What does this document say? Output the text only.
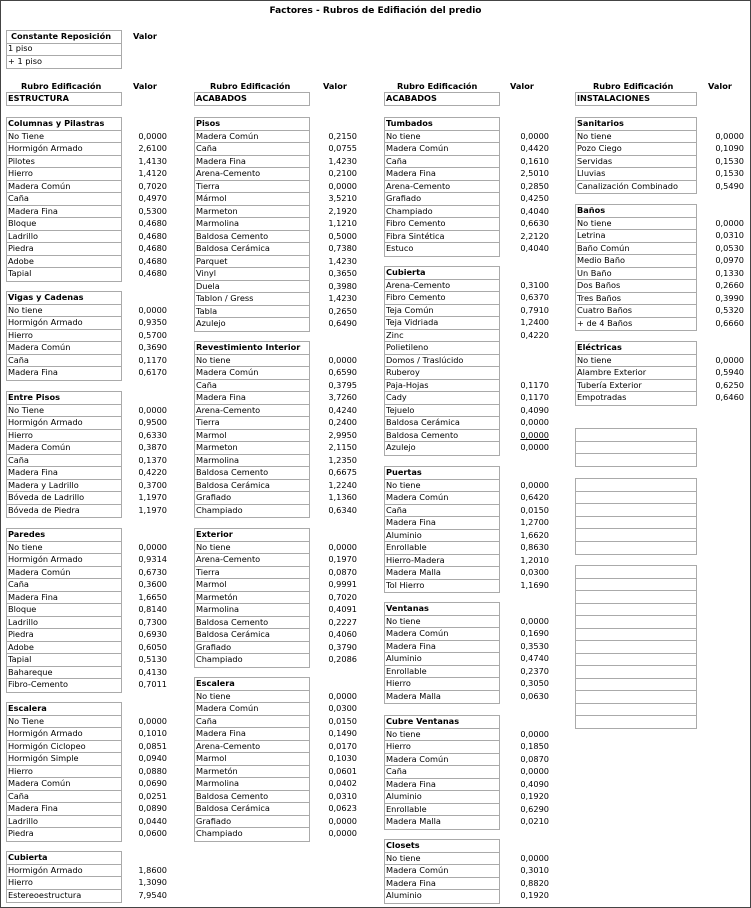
Factores - Rubros de Edifiación del predio
Constante Reposición	Valor
1 piso
+ 1 piso
Rubro Edificación	Valor	Rubro Edificación	Valor	Rubro Edificación	Valor	Rubro Edificación	Valor
ESTRUCTURA	ACABADOS	ACABADOS	INSTALACIONES
Columnas y Pilastras
No Tiene	0,0000
Hormigón Armado	2,6100
Pilotes	1,4130
Hierro	1,4120
Madera Común	0,7020
Caña	0,4970
Madera Fina	0,5300
Bloque	0,4680
Ladrillo	0,4680
Piedra	0,4680
Adobe	0,4680
Tapial	0,4680
Vigas y Cadenas
No tiene	0,0000
Hormigón Armado	0,9350
Hierro	0,5700
Madera Común	0,3690
Caña	0,1170
Madera Fina	0,6170
Entre Pisos
No Tiene	0,0000
Hormigón Armado	0,9500
Hierro	0,6330
Madera Común	0,3870
Caña	0,1370
Madera Fina	0,4220
Madera y Ladrillo	0,3700
Bóveda de Ladrillo	1,1970
Bóveda de Piedra	1,1970
Paredes
No tiene	0,0000
Hormigón Armado	0,9314
Madera Común	0,6730
Caña	0,3600
Madera Fina	1,6650
Bloque	0,8140
Ladrillo	0,7300
Piedra	0,6930
Adobe	0,6050
Tapial	0,5130
Bahareque	0,4130
Fibro-Cemento	0,7011
Escalera
No Tiene	0,0000
Hormigón Armado	0,1010
Hormigón Ciclopeo	0,0851
Hormigón Simple	0,0940
Hierro	0,0880
Madera Común	0,0690
Caña	0,0251
Madera Fina	0,0890
Ladrillo	0,0440
Piedra	0,0600
Cubierta
Hormigón Armado	1,8600
Hierro	1,3090
Estereoestructura	7,9540
Pisos
Madera Común	0,2150
Caña	0,0755
Madera Fina	1,4230
Arena-Cemento	0,2100
Tierra	0,0000
Mármol	3,5210
Marmeton	2,1920
Marmolina	1,1210
Baldosa Cemento	0,5000
Baldosa Cerámica	0,7380
Parquet	1,4230
Vinyl	0,3650
Duela	0,3980
Tablon / Gress	1,4230
Tabla	0,2650
Azulejo	0,6490
Revestimiento Interior
No tiene	0,0000
Madera Común	0,6590
Caña	0,3795
Madera Fina	3,7260
Arena-Cemento	0,4240
Tierra	0,2400
Marmol	2,9950
Marmeton	2,1150
Marmolina	1,2350
Baldosa Cemento	0,6675
Baldosa Cerámica	1,2240
Grafiado	1,1360
Champiado	0,6340
Exterior
No tiene	0,0000
Arena-Cemento	0,1970
Tierra	0,0870
Marmol	0,9991
Marmetón	0,7020
Marmolina	0,4091
Baldosa Cemento	0,2227
Baldosa Cerámica	0,4060
Grafiado	0,3790
Champiado	0,2086
Escalera
No tiene	0,0000
Madera Común	0,0300
Caña	0,0150
Madera Fina	0,1490
Arena-Cemento	0,0170
Marmol	0,1030
Marmetón	0,0601
Marmolina	0,0402
Baldosa Cemento	0,0310
Baldosa Cerámica	0,0623
Grafiado	0,0000
Champiado	0,0000
Tumbados
No tiene	0,0000
Madera Común	0,4420
Caña	0,1610
Madera Fina	2,5010
Arena-Cemento	0,2850
Grafiado	0,4250
Champiado	0,4040
Fibro Cemento	0,6630
Fibra Sintética	2,2120
Estuco	0,4040
Cubierta
Arena-Cemento	0,3100
Fibro Cemento	0,6370
Teja Común	0,7910
Teja Vidriada	1,2400
Zinc	0,4220
Polietileno
Domos / Traslúcido
Ruberoy
Paja-Hojas	0,1170
Cady	0,1170
Tejuelo	0,4090
Baldosa Cerámica	0,0000
Baldosa Cemento	0,0000
Azulejo	0,0000
Puertas
No tiene	0,0000
Madera Común	0,6420
Caña	0,0150
Madera Fina	1,2700
Aluminio	1,6620
Enrollable	0,8630
Hierro-Madera	1,2010
Madera Malla	0,0300
Tol Hierro	1,1690
Ventanas
No tiene	0,0000
Madera Común	0,1690
Madera Fina	0,3530
Aluminio	0,4740
Enrollable	0,2370
Hierro	0,3050
Madera Malla	0,0630
Cubre Ventanas
No tiene	0,0000
Hierro	0,1850
Madera Común	0,0870
Caña	0,0000
Madera Fina	0,4090
Aluminio	0,1920
Enrollable	0,6290
Madera Malla	0,0210
Closets
No tiene	0,0000
Madera Común	0,3010
Madera Fina	0,8820
Aluminio	0,1920
Sanitarios
No tiene	0,0000
Pozo Ciego	0,1090
Servidas	0,1530
Lluvias	0,1530
Canalización Combinado	0,5490
Baños
No tiene	0,0000
Letrina	0,0310
Baño Común	0,0530
Medio Baño	0,0970
Un Baño	0,1330
Dos Baños	0,2660
Tres Baños	0,3990
Cuatro Baños	0,5320
+ de 4 Baños	0,6660
Eléctricas
No tiene	0,0000
Alambre Exterior	0,5940
Tubería Exterior	0,6250
Empotradas	0,6460
